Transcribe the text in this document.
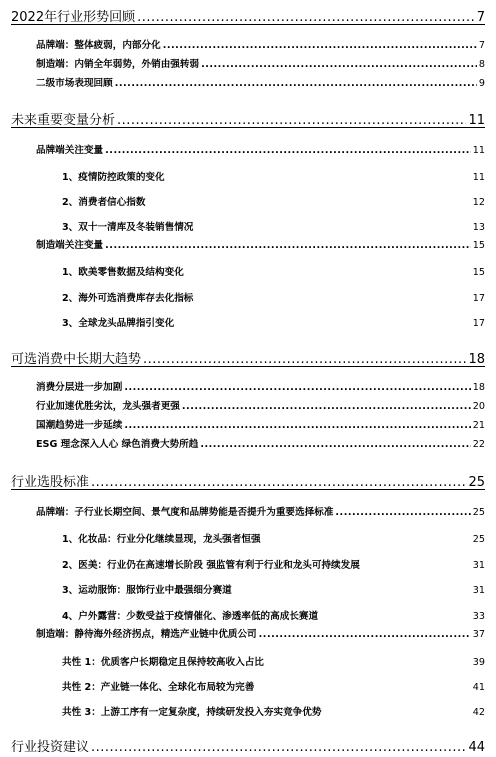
2022年行业形势回顾 .....	7
品牌端：整体疲弱，内部分化 .....	7
制造端：内销全年弱势，外销由强转弱 .....	8
二级市场表现回顾 .....	9
未来重要变量分析 .....	11
品牌端关注变量 .....	11
1、疫情防控政策的变化	11
2、消费者信心指数	12
3、双十一清库及冬装销售情况	13
制造端关注变量 .....	15
1、欧美零售数据及结构变化	15
2、海外可选消费库存去化指标	17
3、全球龙头品牌指引变化	17
可选消费中长期大趋势 .....	18
消费分层进一步加剧 .....	18
行业加速优胜劣汰，龙头强者更强 .....	20
国潮趋势进一步延续 .....	21
ESG 理念深入人心 绿色消费大势所趋 .....	22
行业选股标准 .....	25
品牌端：子行业长期空间、景气度和品牌势能是否提升为重要选择标准 .....	25
1、化妆品：行业分化继续显现，龙头强者恒强	25
2、医美：行业仍在高速增长阶段 强监管有利于行业和龙头可持续发展	31
3、运动服饰：服饰行业中最强细分赛道	31
4、户外露营：少数受益于疫情催化、渗透率低的高成长赛道	33
制造端：静待海外经济拐点，精选产业链中优质公司 .....	37
共性 1：优质客户长期稳定且保持较高收入占比	39
共性 2：产业链一体化、全球化布局较为完善	41
共性 3：上游工序有一定复杂度，持续研发投入夯实竞争优势	42
行业投资建议 .....	44
